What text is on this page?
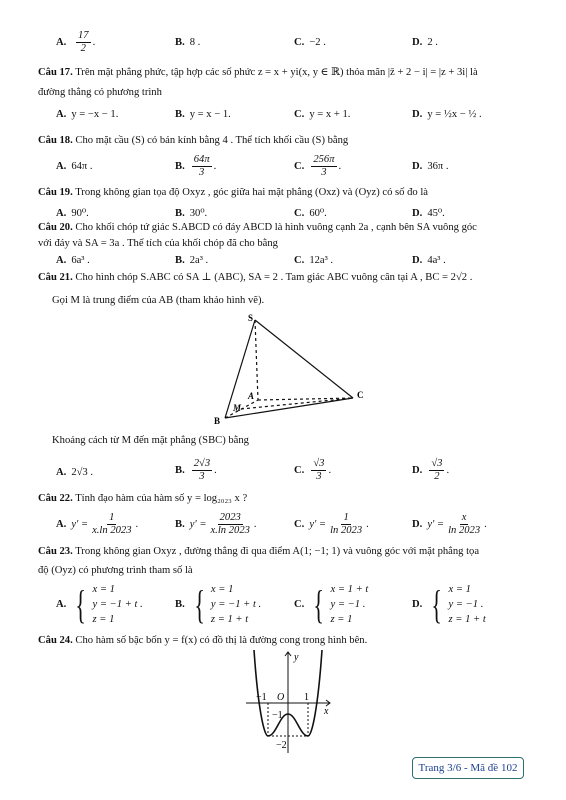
A. $\frac{17}{2}$ .	B. 8 .	C. −2 .	D. 2 .
Câu 17. Trên mặt phẳng phức, tập hợp các số phức z = x + yi(x, y ∈ ℝ) thỏa mãn |z̄ + 2 − i| = |z + 3i| là
đường thẳng có phương trình
A. y = −x − 1.	B. y = x − 1.	C. y = x + 1.	D. y = ½x − ½ .
Câu 18. Cho mặt cầu (S) có bán kính bằng 4 . Thể tích khối cầu (S) bằng
A. 64π .	B. $\frac{64\pi}{3}$ .	C. $\frac{256\pi}{3}$ .	D. 36π .
Câu 19. Trong không gian tọa độ Oxyz , góc giữa hai mặt phẳng (Oxz) và (Oyz) có số đo là
A. 90⁰.	B. 30⁰.	C. 60⁰.	D. 45⁰.
Câu 20. Cho khối chóp tứ giác S.ABCD có đáy ABCD là hình vuông cạnh 2a , cạnh bên SA vuông góc
với đáy và SA = 3a . Thể tích của khối chóp đã cho bằng
A. 6a³ .	B. 2a³ .	C. 12a³ .	D. 4a³ .
Câu 21. Cho hình chóp S.ABC có SA ⊥ (ABC), SA = 2 . Tam giác ABC vuông cân tại A , BC = 2√2 .
Gọi M là trung điểm của AB (tham khảo hình vẽ).
S
A
B
C
M
Khoảng cách từ M đến mặt phẳng (SBC) bằng
A. 2√3 .	B. $\frac{2√3}{3}$ .	C. $\frac{√3}{3}$ .	D. $\frac{√3}{2}$ .
Câu 22. Tính đạo hàm của hàm số y = log₂₀₂₃ x ?
A. $y' = \frac{1}{x.\ln 2023}$ .	B. $y' = \frac{2023}{x.\ln 2023}$ .	C. $y' = \frac{1}{\ln 2023}$ .	D. $y' = \frac{x}{\ln 2023}$ .
Câu 23. Trong không gian Oxyz , đường thẳng đi qua điểm A(1; −1; 1) và vuông góc với mặt phẳng tọa
độ (Oyz) có phương trình tham số là
A. { x = 1
y = −1 + t .
z = 1
B. { x = 1
y = −1 + t .
z = 1 + t
C. { x = 1 + t
y = −1 .
z = 1
D. { x = 1
y = −1 .
z = 1 + t
Câu 24. Cho hàm số bậc bốn y = f(x) có đồ thị là đường cong trong hình bên.
y
x
O
−1	1
−1
−2
Trang 3/6 - Mã đề 102
